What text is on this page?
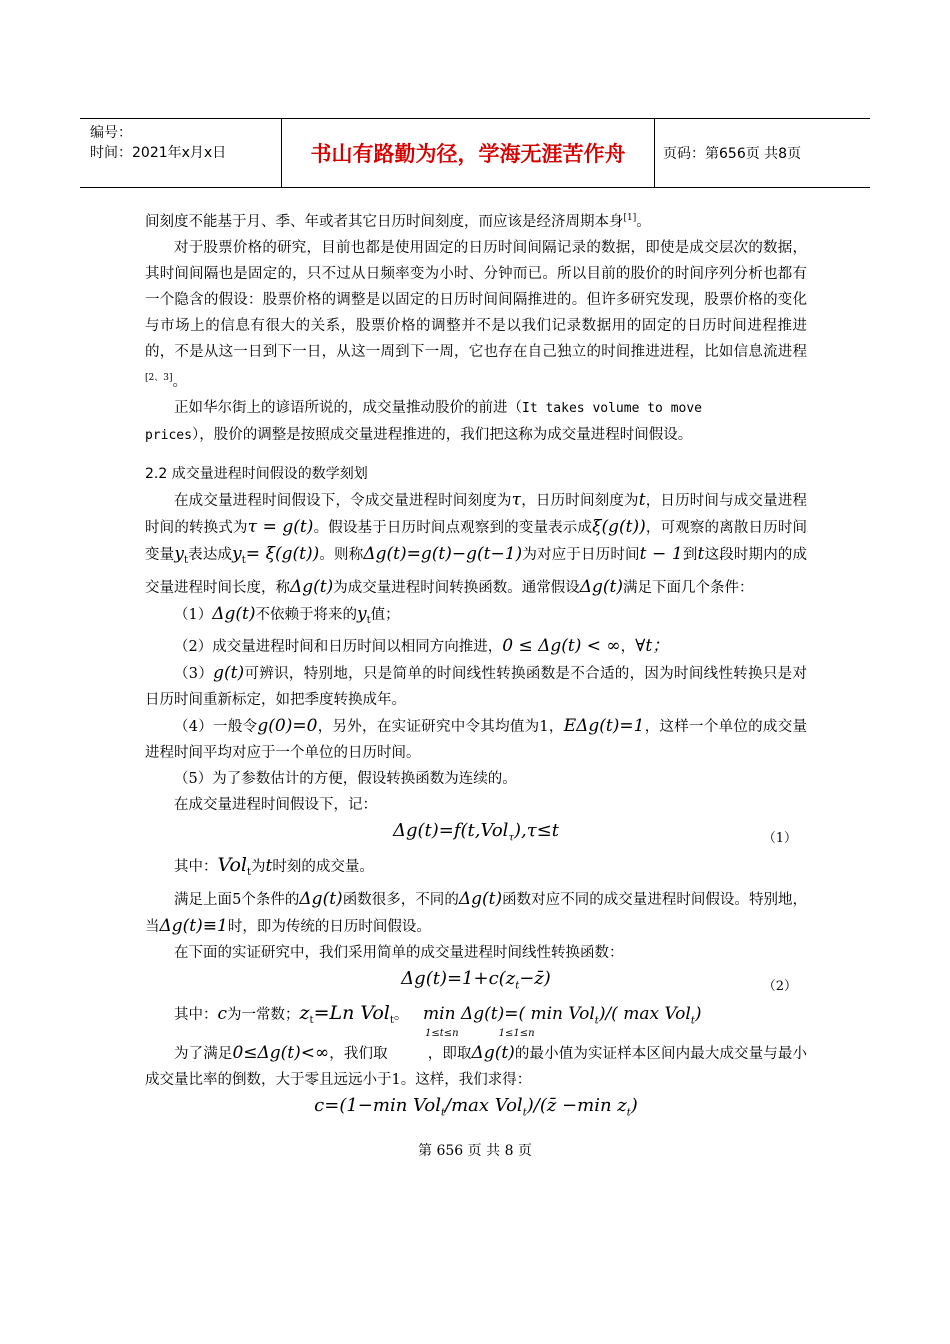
编号：
时间：2021年x月x日	书山有路勤为径，学海无涯苦作舟	页码：第656页 共8页

间刻度不能基于月、季、年或者其它日历时间刻度，而应该是经济周期本身[1]。

对于股票价格的研究，目前也都是使用固定的日历时间间隔记录的数据，即使是成交层次的数据，其时间间隔也是固定的，只不过从日频率变为小时、分钟而已。所以目前的股价的时间序列分析也都有一个隐含的假设：股票价格的调整是以固定的日历时间间隔推进的。但许多研究发现，股票价格的变化与市场上的信息有很大的关系，股票价格的调整并不是以我们记录数据用的固定的日历时间进程推进的，不是从这一日到下一日，从这一周到下一周，它也存在自己独立的时间推进进程，比如信息流进程[2、3]。

正如华尔街上的谚语所说的，成交量推动股价的前进（It takes volume to move
prices），股价的调整是按照成交量进程推进的，我们把这称为成交量进程时间假设。

2.2 成交量进程时间假设的数学刻划

在成交量进程时间假设下，令成交量进程时间刻度为τ，日历时间刻度为t，日历时间与成交量进程时间的转换式为τ = g(t)。假设基于日历时间点观察到的变量表示成ξ(g(t))，可观察的离散日历时间变量$y_t$表达成$y_t= \xi(g(t))$。则称Δg(t)=g(t)−g(t−1)为对应于日历时间t − 1到t这段时期内的成交量进程时间长度，称Δg(t)为成交量进程时间转换函数。通常假设Δg(t)满足下面几个条件：

（1）Δg(t)不依赖于将来的$y_t$值；

（2）成交量进程时间和日历时间以相同方向推进，0 ≤ Δg(t) < ∞，∀t；

（3）g(t)可辨识，特别地，只是简单的时间线性转换函数是不合适的，因为时间线性转换只是对日历时间重新标定，如把季度转换成年。

（4）一般令g(0)=0，另外，在实证研究中令其均值为1，EΔg(t)=1，这样一个单位的成交量进程时间平均对应于一个单位的日历时间。

（5）为了参数估计的方便，假设转换函数为连续的。

在成交量进程时间假设下，记：

Δg(t)=f(t,Vol$_\tau$),τ≤t	（1）

其中：Vol$_t$为t时刻的成交量。

满足上面5个条件的Δg(t)函数很多，不同的Δg(t)函数对应不同的成交量进程时间假设。特别地，当Δg(t)≡1时，即为传统的日历时间假设。

在下面的实证研究中，我们采用简单的成交量进程时间线性转换函数：

$\Delta g(t)=1+c(z_t-z̄)$	（2）

其中：c为一常数；$z_t=Ln$ Vol$_t$。 min Δg(t)=( min Vol$_t$)/( max Vol$_t$)

1≤t≤n	1≤1≤n

为了满足0≤Δg(t)<∞，我们取	，即取Δg(t)的最小值为实证样本区间内最大成交量与最小成交量比率的倒数，大于零且远远小于1。这样，我们求得：

c=(1−min Vol$_t$/max Vol$_t$)/(z̄ −min $z_t$)

第 656 页 共 8 页
